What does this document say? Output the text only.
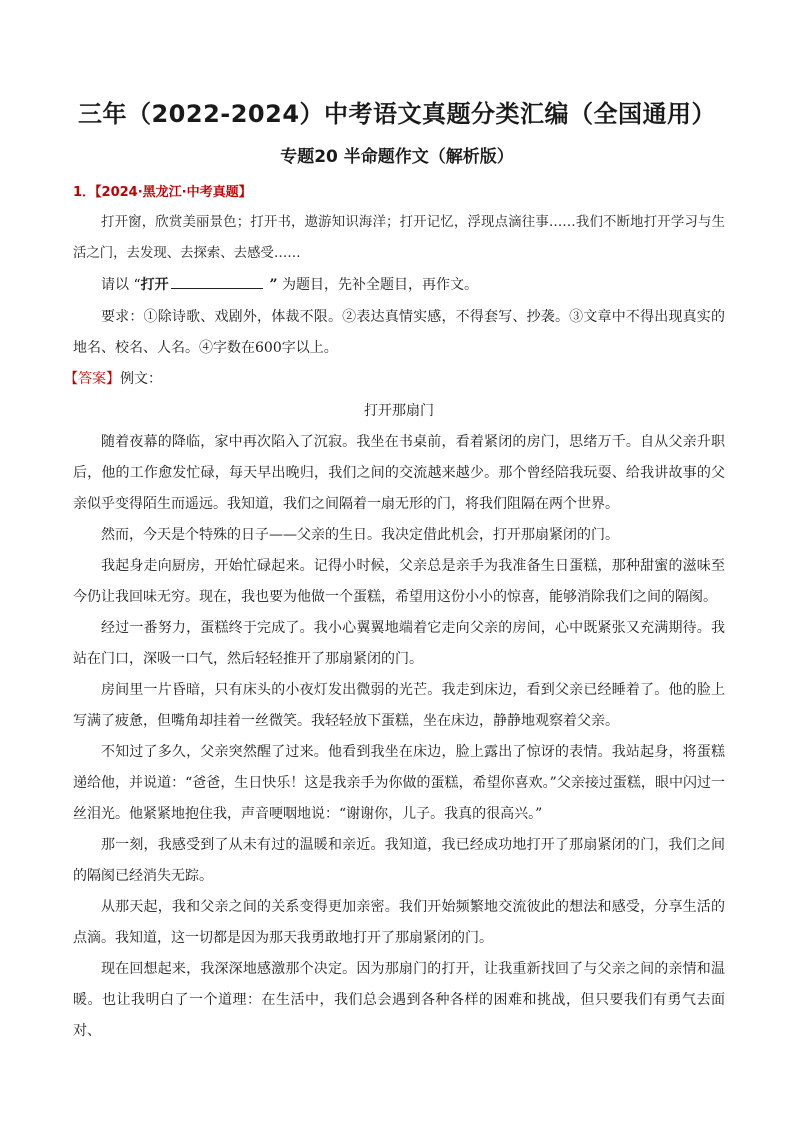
三年（2022-2024）中考语文真题分类汇编（全国通用）
专题20 半命题作文（解析版）
1．【2024·黑龙江·中考真题】
打开窗，欣赏美丽景色；打开书，遨游知识海洋；打开记忆，浮现点滴往事……我们不断地打开学习与生活之门，去发现、去探索、去感受……
请以 “打开	” 为题目，先补全题目，再作文。
要求：①除诗歌、戏剧外，体裁不限。②表达真情实感，不得套写、抄袭。③文章中不得出现真实的地名、校名、人名。④字数在600字以上。
【答案】例文：

打开那扇门

随着夜幕的降临，家中再次陷入了沉寂。我坐在书桌前，看着紧闭的房门，思绪万千。自从父亲升职后，他的工作愈发忙碌，每天早出晚归，我们之间的交流越来越少。那个曾经陪我玩耍、给我讲故事的父亲似乎变得陌生而遥远。我知道，我们之间隔着一扇无形的门，将我们阻隔在两个世界。

然而，今天是个特殊的日子——父亲的生日。我决定借此机会，打开那扇紧闭的门。

我起身走向厨房，开始忙碌起来。记得小时候，父亲总是亲手为我准备生日蛋糕，那种甜蜜的滋味至今仍让我回味无穷。现在，我也要为他做一个蛋糕，希望用这份小小的惊喜，能够消除我们之间的隔阂。

经过一番努力，蛋糕终于完成了。我小心翼翼地端着它走向父亲的房间，心中既紧张又充满期待。我站在门口，深吸一口气，然后轻轻推开了那扇紧闭的门。

房间里一片昏暗，只有床头的小夜灯发出微弱的光芒。我走到床边，看到父亲已经睡着了。他的脸上写满了疲惫，但嘴角却挂着一丝微笑。我轻轻放下蛋糕，坐在床边，静静地观察着父亲。

不知过了多久，父亲突然醒了过来。他看到我坐在床边，脸上露出了惊讶的表情。我站起身，将蛋糕递给他，并说道：“爸爸，生日快乐！这是我亲手为你做的蛋糕，希望你喜欢。”父亲接过蛋糕，眼中闪过一丝泪光。他紧紧地抱住我，声音哽咽地说：“谢谢你，儿子。我真的很高兴。”

那一刻，我感受到了从未有过的温暖和亲近。我知道，我已经成功地打开了那扇紧闭的门，我们之间的隔阂已经消失无踪。

从那天起，我和父亲之间的关系变得更加亲密。我们开始频繁地交流彼此的想法和感受，分享生活的点滴。我知道，这一切都是因为那天我勇敢地打开了那扇紧闭的门。

现在回想起来，我深深地感激那个决定。因为那扇门的打开，让我重新找回了与父亲之间的亲情和温暖。也让我明白了一个道理：在生活中，我们总会遇到各种各样的困难和挑战，但只要我们有勇气去面对、
